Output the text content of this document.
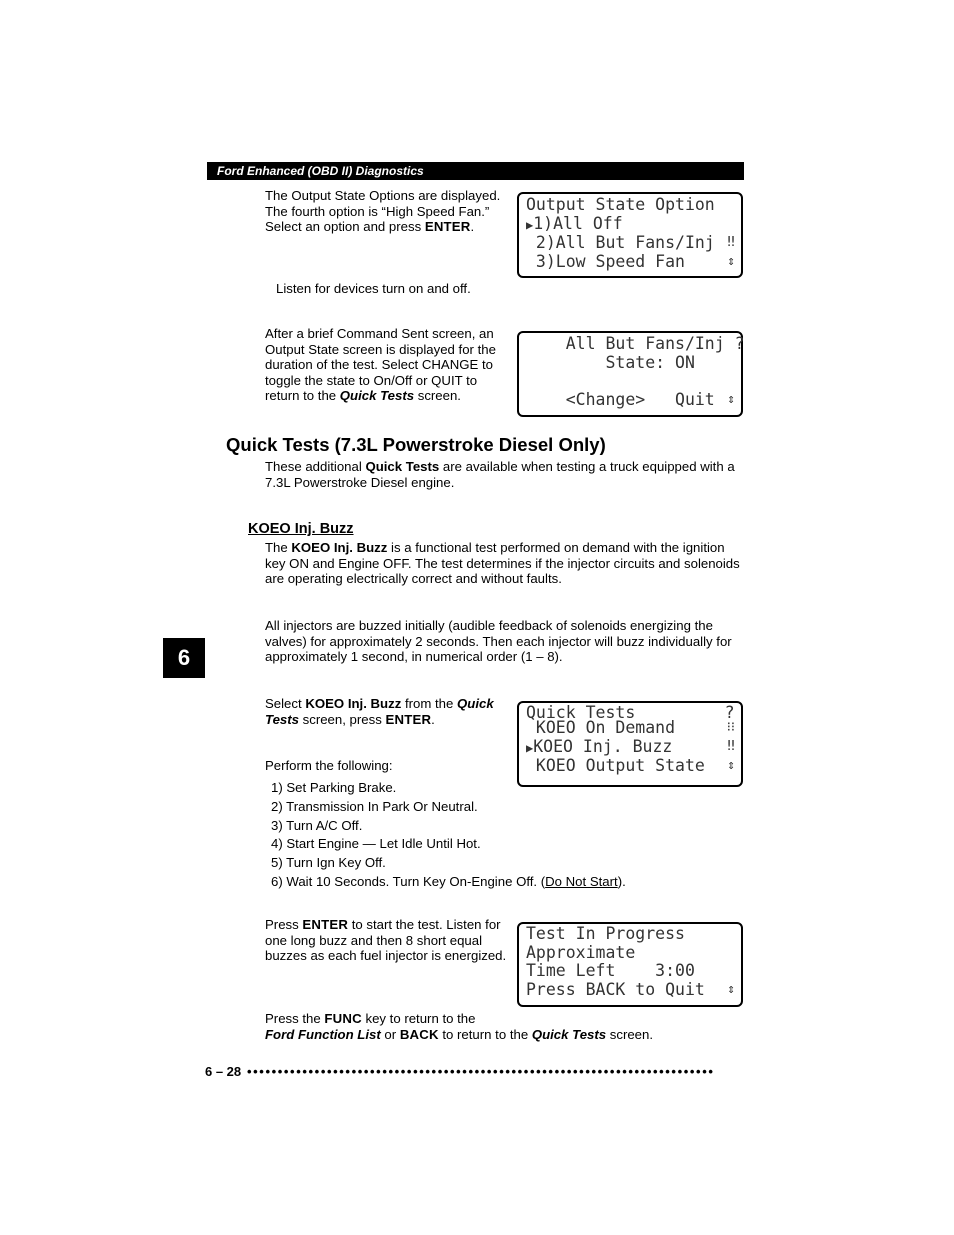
Ford Enhanced (OBD II) Diagnostics
The Output State Options are displayed. The fourth option is “High Speed Fan.” Select an option and press ENTER.
Listen for devices turn on and off.
Output State Option
▶1)All Off
2)All But Fans/Inj
3)Low Speed Fan
‼
⇕
After a brief Command Sent screen, an Output State screen is displayed for the duration of the test. Select CHANGE to toggle the state to On/Off or QUIT to return to the Quick Tests screen.
All But Fans/Inj ?
State: ON
<Change>   Quit ⇕
Quick Tests (7.3L Powerstroke Diesel Only)
These additional Quick Tests are available when testing a truck equipped with a 7.3L Powerstroke Diesel engine.
KOEO Inj. Buzz
The KOEO Inj. Buzz is a functional test performed on demand with the ignition key ON and Engine OFF. The test determines if the injector circuits and solenoids are operating electrically correct and without faults.
All injectors are buzzed initially (audible feedback of solenoids energizing the valves) for approximately 2 seconds. Then each injector will buzz individually for approximately 1 second, in numerical order (1 – 8).
6
Select KOEO Inj. Buzz from the Quick Tests screen, press ENTER.
Perform the following:
Quick Tests         ?
KOEO On Demand
▶KOEO Inj. Buzz
KOEO Output State
⁝⁝
‼
⇕
1) Set Parking Brake.
2) Transmission In Park Or Neutral.
3) Turn A/C Off.
4) Start Engine — Let Idle Until Hot.
5) Turn Ign Key Off.
6) Wait 10 Seconds. Turn Key On-Engine Off. (Do Not Start).
Press ENTER to start the test. Listen for one long buzz and then 8 short equal buzzes as each fuel injector is energized.
Test In Progress
Approximate
Time Left    3:00
Press BACK to Quit ⇕
Press the FUNC key to return to the
Ford Function List or BACK to return to the Quick Tests screen.
6 – 28 ••••••••••••••••••••••••••••••••••••••••••••••••••••••••••••••••••••••••••••
